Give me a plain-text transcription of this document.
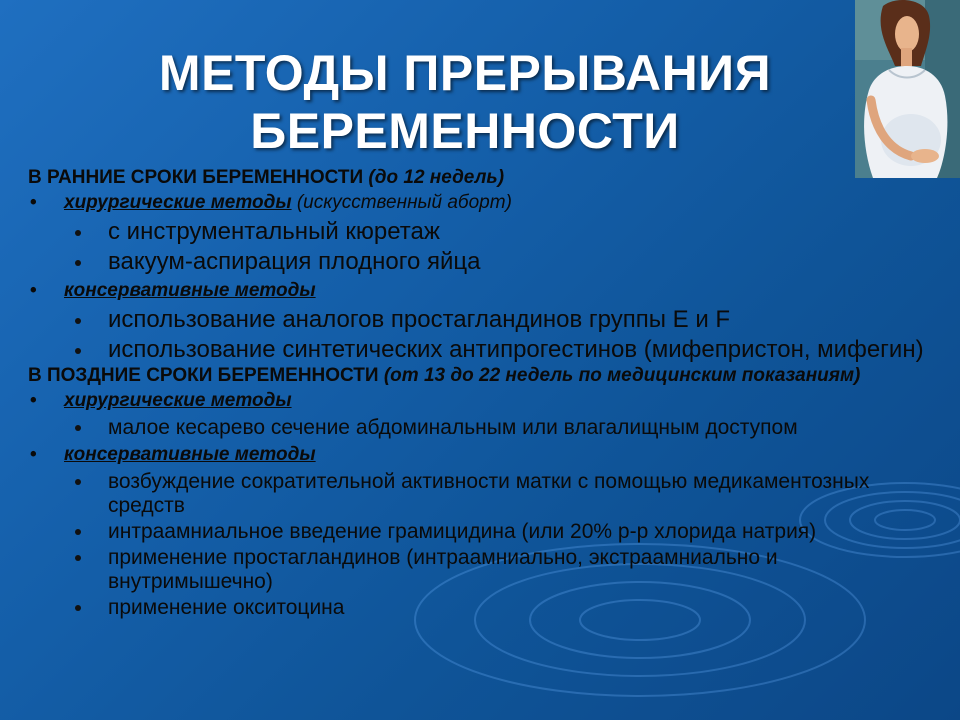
МЕТОДЫ ПРЕРЫВАНИЯ БЕРЕМЕННОСТИ
В РАННИЕ СРОКИ БЕРЕМЕННОСТИ (до 12 недель)
• хирургические методы (искусственный аборт)
с инструментальный кюретаж
вакуум-аспирация плодного яйца
• консервативные методы
использование аналогов простагландинов группы Е и F
использование синтетических антипрогестинов (мифепристон, мифегин)
В ПОЗДНИЕ СРОКИ БЕРЕМЕННОСТИ (от 13 до 22 недель по медицинским показаниям)
• хирургические методы
малое кесарево сечение абдоминальным или влагалищным доступом
• консервативные методы
возбуждение сократительной активности матки с помощью медикаментозных средств
интраамниальное введение грамицидина (или 20% р-р хлорида натрия)
применение простагландинов (интраамниально, экстраамниально и внутримышечно)
применение окситоцина
